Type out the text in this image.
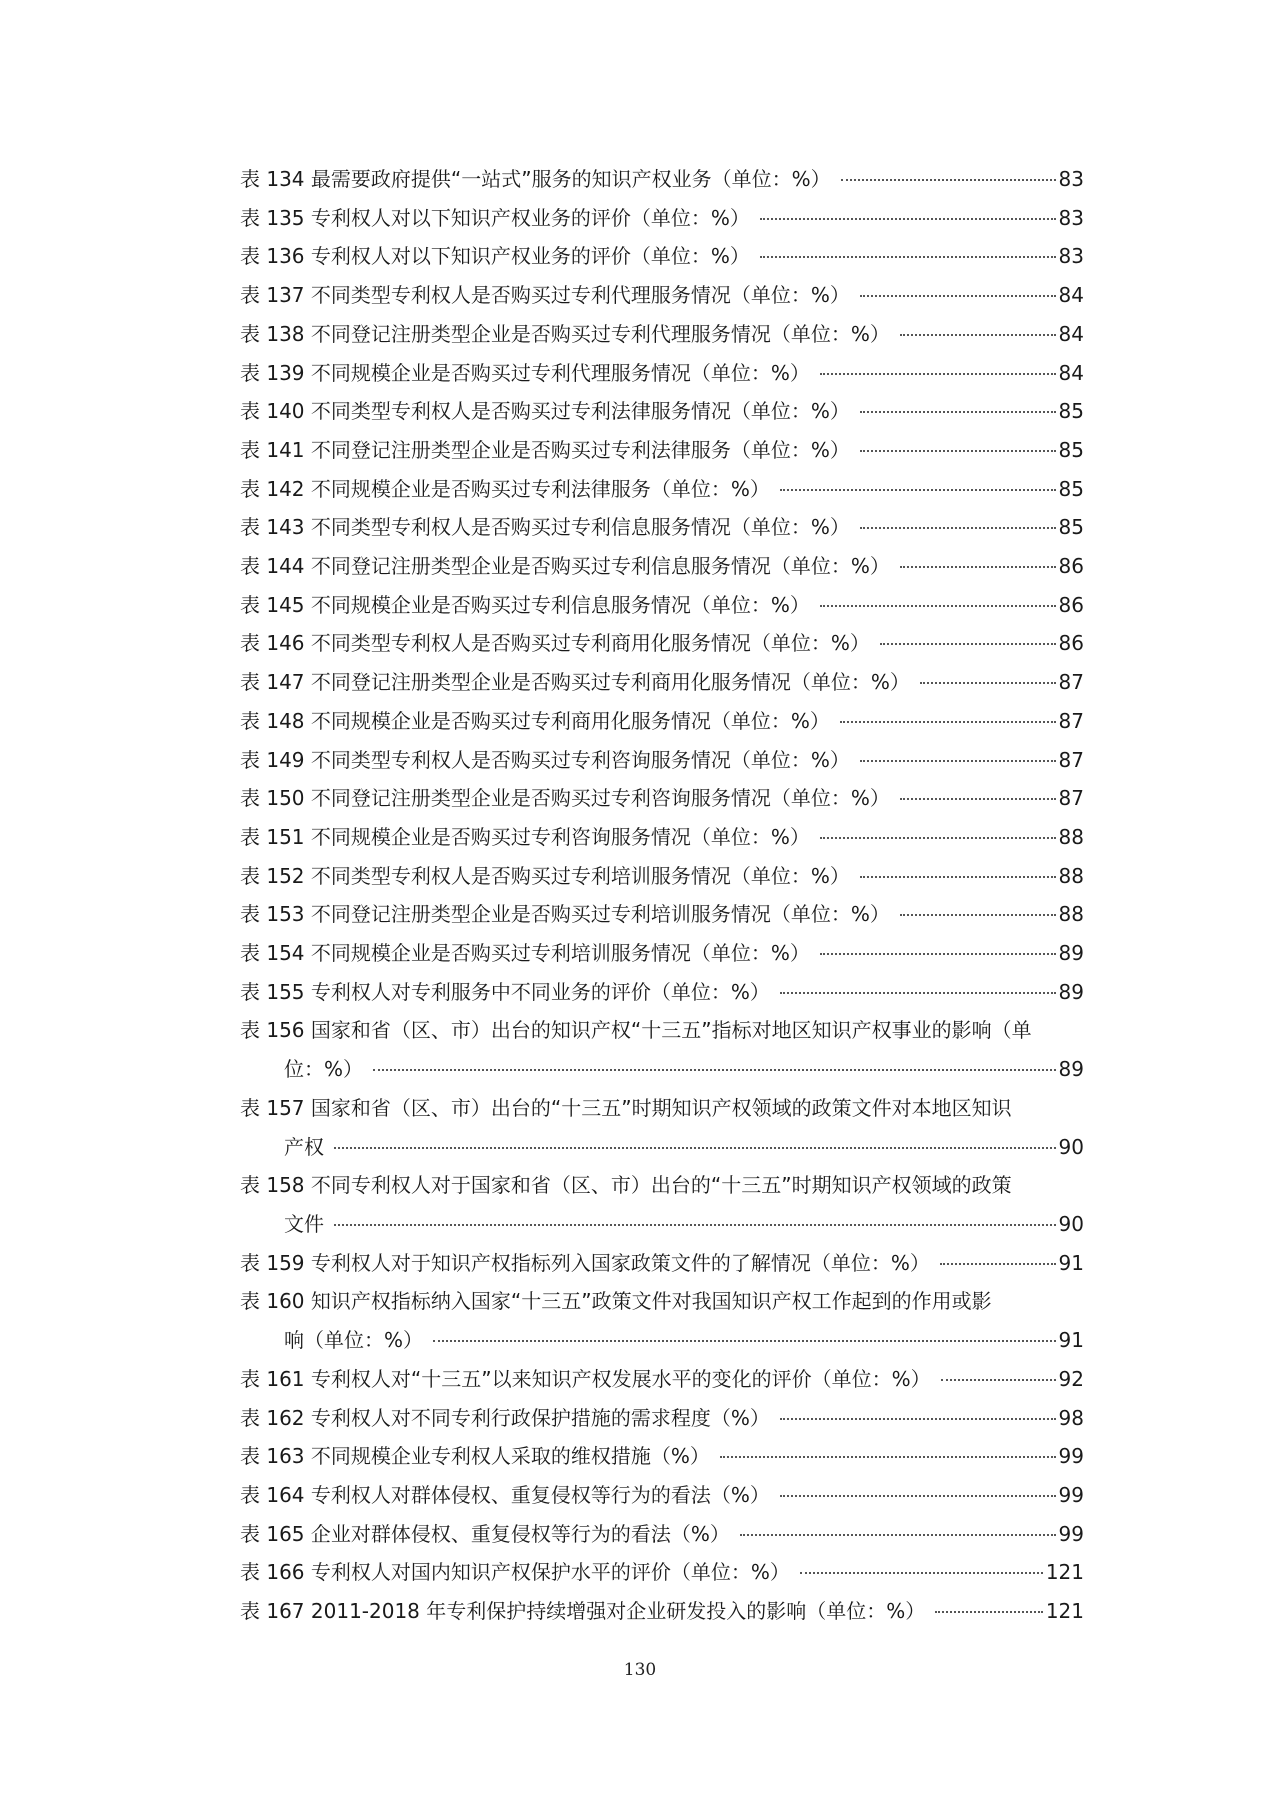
表 134 最需要政府提供“一站式”服务的知识产权业务（单位：%）	83
表 135 专利权人对以下知识产权业务的评价（单位：%）	83
表 136 专利权人对以下知识产权业务的评价（单位：%）	83
表 137 不同类型专利权人是否购买过专利代理服务情况（单位：%）	84
表 138 不同登记注册类型企业是否购买过专利代理服务情况（单位：%）	84
表 139 不同规模企业是否购买过专利代理服务情况（单位：%）	84
表 140 不同类型专利权人是否购买过专利法律服务情况（单位：%）	85
表 141 不同登记注册类型企业是否购买过专利法律服务（单位：%）	85
表 142 不同规模企业是否购买过专利法律服务（单位：%）	85
表 143 不同类型专利权人是否购买过专利信息服务情况（单位：%）	85
表 144 不同登记注册类型企业是否购买过专利信息服务情况（单位：%）	86
表 145 不同规模企业是否购买过专利信息服务情况（单位：%）	86
表 146 不同类型专利权人是否购买过专利商用化服务情况（单位：%）	86
表 147 不同登记注册类型企业是否购买过专利商用化服务情况（单位：%）	87
表 148 不同规模企业是否购买过专利商用化服务情况（单位：%）	87
表 149 不同类型专利权人是否购买过专利咨询服务情况（单位：%）	87
表 150 不同登记注册类型企业是否购买过专利咨询服务情况（单位：%）	87
表 151 不同规模企业是否购买过专利咨询服务情况（单位：%）	88
表 152 不同类型专利权人是否购买过专利培训服务情况（单位：%）	88
表 153 不同登记注册类型企业是否购买过专利培训服务情况（单位：%）	88
表 154 不同规模企业是否购买过专利培训服务情况（单位：%）	89
表 155 专利权人对专利服务中不同业务的评价（单位：%）	89
表 156 国家和省（区、市）出台的知识产权“十三五”指标对地区知识产权事业的影响（单
位：%）	89
表 157 国家和省（区、市）出台的“十三五”时期知识产权领域的政策文件对本地区知识
产权	90
表 158 不同专利权人对于国家和省（区、市）出台的“十三五”时期知识产权领域的政策
文件	90
表 159 专利权人对于知识产权指标列入国家政策文件的了解情况（单位：%）	91
表 160 知识产权指标纳入国家“十三五”政策文件对我国知识产权工作起到的作用或影
响（单位：%）	91
表 161 专利权人对“十三五”以来知识产权发展水平的变化的评价（单位：%）	92
表 162 专利权人对不同专利行政保护措施的需求程度（%）	98
表 163 不同规模企业专利权人采取的维权措施（%）	99
表 164 专利权人对群体侵权、重复侵权等行为的看法（%）	99
表 165 企业对群体侵权、重复侵权等行为的看法（%）	99
表 166 专利权人对国内知识产权保护水平的评价（单位：%）	121
表 167 2011-2018 年专利保护持续增强对企业研发投入的影响（单位：%）	121
130
